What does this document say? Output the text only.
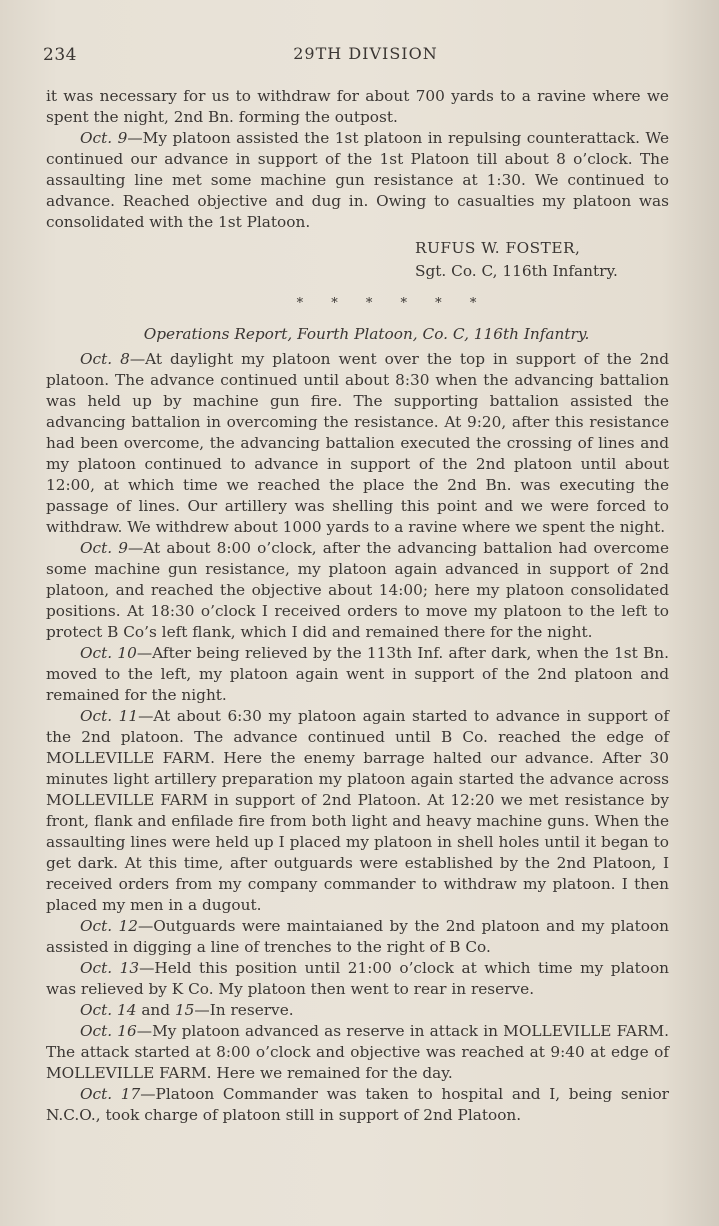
234	29TH DIVISION

it was necessary for us to withdraw for about 700 yards to a ravine where we spent the night, 2nd Bn. forming the outpost.

Oct. 9—My platoon assisted the 1st platoon in repulsing counterattack. We continued our advance in support of the 1st Platoon till about 8 o’clock. The assaulting line met some machine gun resistance at 1:30. We continued to advance. Reached objective and dug in. Owing to casualties my platoon was consolidated with the 1st Platoon.

RUFUS W. FOSTER,
Sgt. Co. C, 116th Infantry.
* * * * * *
Operations Report, Fourth Platoon, Co. C, 116th Infantry.

Oct. 8—At daylight my platoon went over the top in support of the 2nd platoon. The advance continued until about 8:30 when the advancing battalion was held up by machine gun fire. The supporting battalion assisted the advancing battalion in overcoming the resistance. At 9:20, after this resistance had been overcome, the advancing battalion executed the crossing of lines and my platoon continued to advance in support of the 2nd platoon until about 12:00, at which time we reached the place the 2nd Bn. was executing the passage of lines. Our artillery was shelling this point and we were forced to withdraw. We withdrew about 1000 yards to a ravine where we spent the night.

Oct. 9—At about 8:00 o’clock, after the advancing battalion had overcome some machine gun resistance, my platoon again advanced in support of 2nd platoon, and reached the objective about 14:00; here my platoon consolidated positions. At 18:30 o’clock I received orders to move my platoon to the left to protect B Co’s left flank, which I did and remained there for the night.

Oct. 10—After being relieved by the 113th Inf. after dark, when the 1st Bn. moved to the left, my platoon again went in support of the 2nd platoon and remained for the night.

Oct. 11—At about 6:30 my platoon again started to advance in support of the 2nd platoon. The advance continued until B Co. reached the edge of MOLLEVILLE FARM. Here the enemy barrage halted our advance. After 30 minutes light artillery preparation my platoon again started the advance across MOLLEVILLE FARM in support of 2nd Platoon. At 12:20 we met resistance by front, flank and enfilade fire from both light and heavy machine guns. When the assaulting lines were held up I placed my platoon in shell holes until it began to get dark. At this time, after outguards were established by the 2nd Platoon, I received orders from my company commander to withdraw my platoon. I then placed my men in a dugout.

Oct. 12—Outguards were maintaianed by the 2nd platoon and my platoon assisted in digging a line of trenches to the right of B Co.

Oct. 13—Held this position until 21:00 o’clock at which time my platoon was relieved by K Co. My platoon then went to rear in reserve.

Oct. 14 and 15—In reserve.

Oct. 16—My platoon advanced as reserve in attack in MOLLEVILLE FARM. The attack started at 8:00 o’clock and objective was reached at 9:40 at edge of MOLLEVILLE FARM. Here we remained for the day.

Oct. 17—Platoon Commander was taken to hospital and I, being senior N.C.O., took charge of platoon still in support of 2nd Platoon.
